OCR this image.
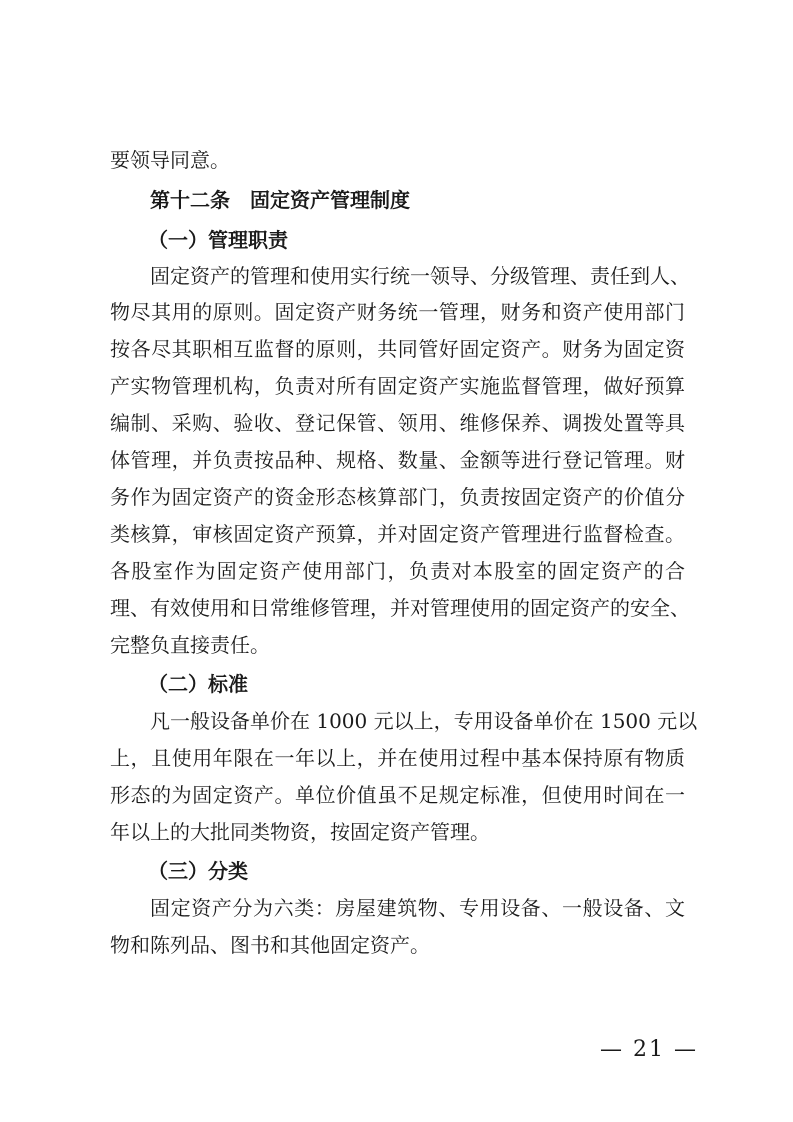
要领导同意。
第十二条　固定资产管理制度
（一）管理职责
固定资产的管理和使用实行统一领导、分级管理、责任到人、
物尽其用的原则。固定资产财务统一管理，财务和资产使用部门
按各尽其职相互监督的原则，共同管好固定资产。财务为固定资
产实物管理机构，负责对所有固定资产实施监督管理，做好预算
编制、采购、验收、登记保管、领用、维修保养、调拨处置等具
体管理，并负责按品种、规格、数量、金额等进行登记管理。财
务作为固定资产的资金形态核算部门，负责按固定资产的价值分
类核算，审核固定资产预算，并对固定资产管理进行监督检查。
各股室作为固定资产使用部门，负责对本股室的固定资产的合
理、有效使用和日常维修管理，并对管理使用的固定资产的安全、
完整负直接责任。
（二）标准
凡一般设备单价在 1000 元以上，专用设备单价在 1500 元以
上，且使用年限在一年以上，并在使用过程中基本保持原有物质
形态的为固定资产。单位价值虽不足规定标准，但使用时间在一
年以上的大批同类物资，按固定资产管理。
（三）分类
固定资产分为六类：房屋建筑物、专用设备、一般设备、文
物和陈列品、图书和其他固定资产。
— 21 —
